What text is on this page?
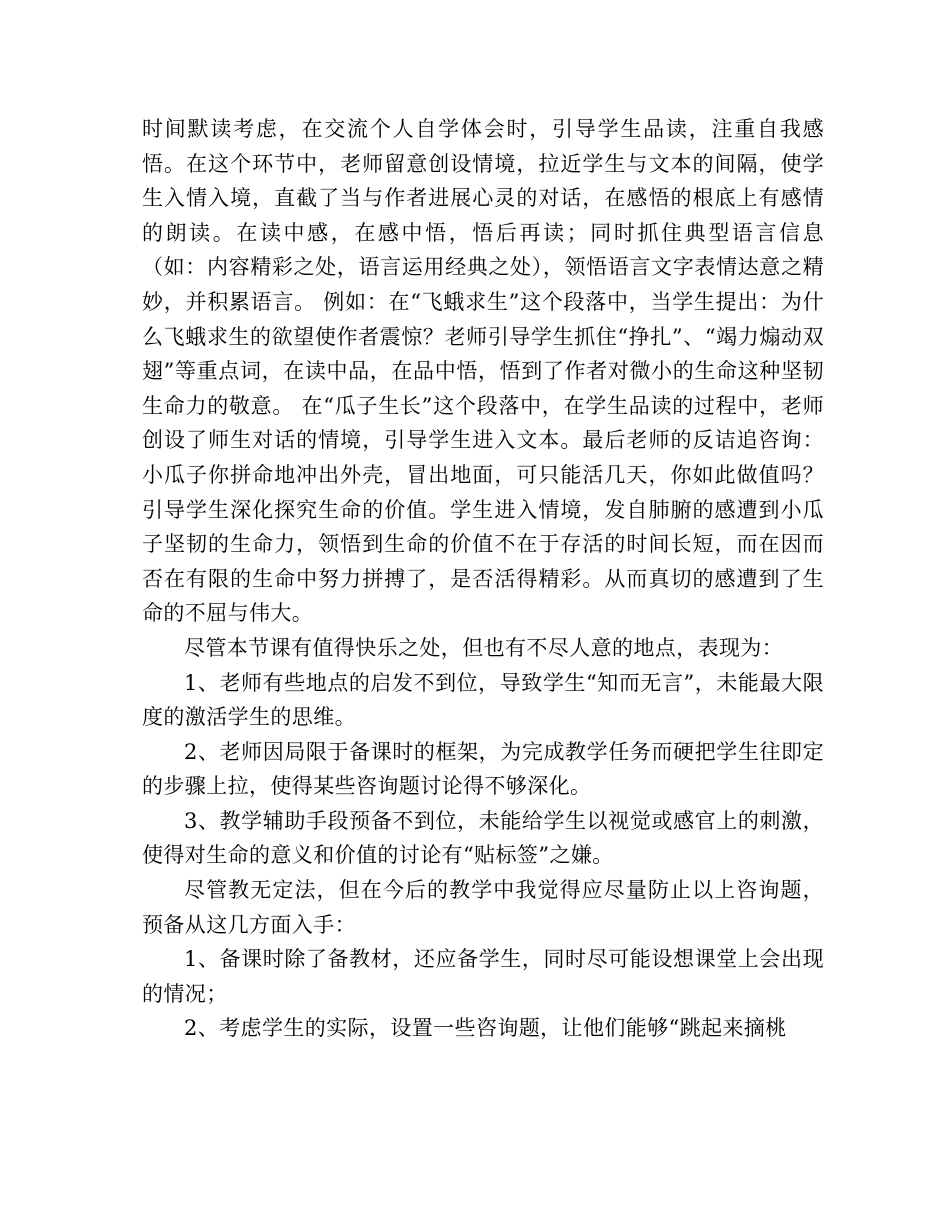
时间默读考虑，在交流个人自学体会时，引导学生品读，注重自我感悟。在这个环节中，老师留意创设情境，拉近学生与文本的间隔，使学生入情入境，直截了当与作者进展心灵的对话，在感悟的根底上有感情的朗读。在读中感，在感中悟，悟后再读；同时抓住典型语言信息（如：内容精彩之处，语言运用经典之处），领悟语言文字表情达意之精妙，并积累语言。 例如：在“飞蛾求生”这个段落中，当学生提出：为什么飞蛾求生的欲望使作者震惊？老师引导学生抓住“挣扎”、“竭力煽动双翅”等重点词，在读中品，在品中悟，悟到了作者对微小的生命这种坚韧生命力的敬意。 在“瓜子生长”这个段落中，在学生品读的过程中，老师创设了师生对话的情境，引导学生进入文本。最后老师的反诘追咨询：小瓜子你拼命地冲出外壳，冒出地面，可只能活几天，你如此做值吗？引导学生深化探究生命的价值。学生进入情境，发自肺腑的感遭到小瓜子坚韧的生命力，领悟到生命的价值不在于存活的时间长短，而在因而否在有限的生命中努力拼搏了，是否活得精彩。从而真切的感遭到了生命的不屈与伟大。

尽管本节课有值得快乐之处，但也有不尽人意的地点，表现为：

1、老师有些地点的启发不到位，导致学生“知而无言”，未能最大限度的激活学生的思维。

2、老师因局限于备课时的框架，为完成教学任务而硬把学生往即定的步骤上拉，使得某些咨询题讨论得不够深化。

3、教学辅助手段预备不到位，未能给学生以视觉或感官上的刺激，使得对生命的意义和价值的讨论有“贴标签”之嫌。

尽管教无定法，但在今后的教学中我觉得应尽量防止以上咨询题，预备从这几方面入手：

1、备课时除了备教材，还应备学生，同时尽可能设想课堂上会出现的情况；

2、考虑学生的实际，设置一些咨询题，让他们能够“跳起来摘桃
